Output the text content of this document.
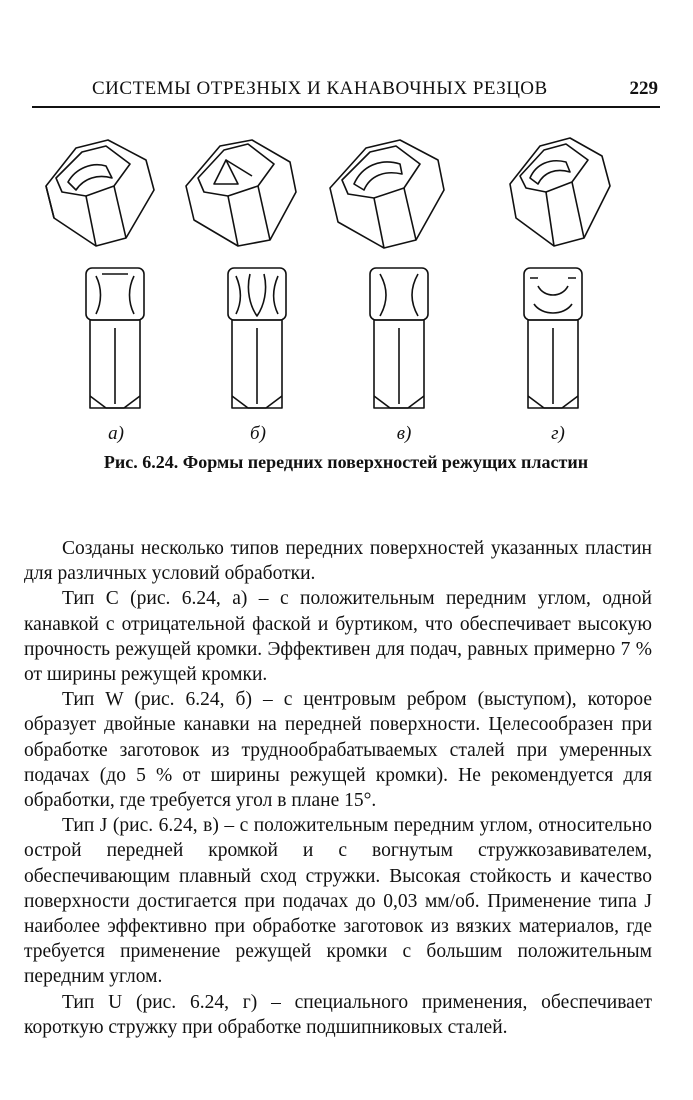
СИСТЕМЫ ОТРЕЗНЫХ И КАНАВОЧНЫХ РЕЗЦОВ	229
а)	б)	в)	г)
Рис. 6.24. Формы передних поверхностей режущих пластин

Созданы несколько типов передних поверхностей указанных пластин для различных условий обработки.

Тип С (рис. 6.24, а) – с положительным передним углом, одной канавкой с отрицательной фаской и буртиком, что обеспечивает высокую прочность режущей кромки. Эффективен для подач, равных примерно 7 % от ширины режущей кромки.

Тип W (рис. 6.24, б) – с центровым ребром (выступом), которое образует двойные канавки на передней поверхности. Целесообразен при обработке заготовок из труднообрабатываемых сталей при умеренных подачах (до 5 % от ширины режущей кромки). Не рекомендуется для обработки, где требуется угол в плане 15°.

Тип J (рис. 6.24, в) – с положительным передним углом, относительно острой передней кромкой и с вогнутым стружкозавивателем, обеспечивающим плавный сход стружки. Высокая стойкость и качество поверхности достигается при подачах до 0,03 мм/об. Применение типа J наиболее эффективно при обработке заготовок из вязких материалов, где требуется применение режущей кромки с большим положительным передним углом.

Тип U (рис. 6.24, г) – специального применения, обеспечивает короткую стружку при обработке подшипниковых сталей.
